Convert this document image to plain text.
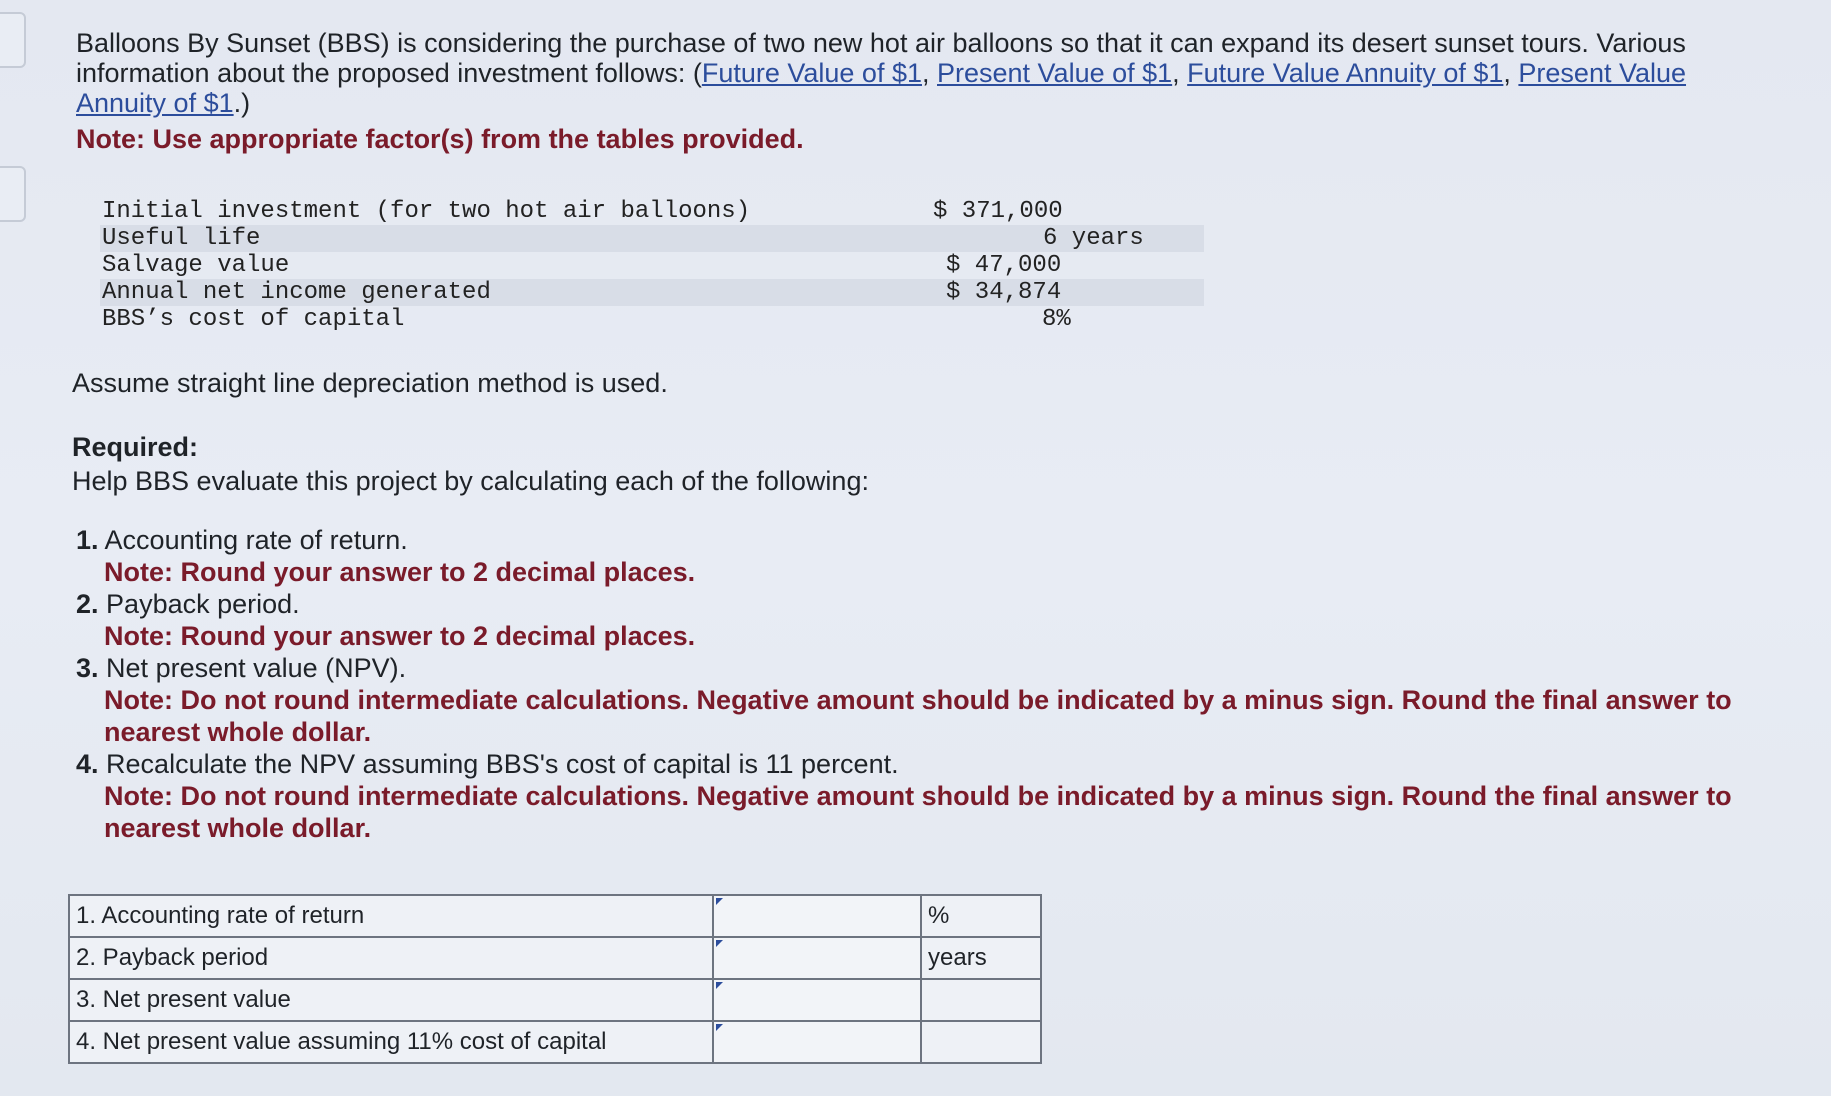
Balloons By Sunset (BBS) is considering the purchase of two new hot air balloons so that it can expand its desert sunset tours. Various information about the proposed investment follows: (Future Value of $1, Present Value of $1, Future Value Annuity of $1, Present Value Annuity of $1.)

Note: Use appropriate factor(s) from the tables provided.
Initial investment (for two hot air balloons)	$ 371,000
Useful life	6 years
Salvage value	$ 47,000
Annual net income generated	$ 34,874
BBS’s cost of capital	8%
Assume straight line depreciation method is used.
Required:
Help BBS evaluate this project by calculating each of the following:
1. Accounting rate of return.
Note: Round your answer to 2 decimal places.
2. Payback period.
Note: Round your answer to 2 decimal places.
3. Net present value (NPV).
Note: Do not round intermediate calculations. Negative amount should be indicated by a minus sign. Round the final answer to nearest whole dollar.
4. Recalculate the NPV assuming BBS's cost of capital is 11 percent.
Note: Do not round intermediate calculations. Negative amount should be indicated by a minus sign. Round the final answer to nearest whole dollar.
1. Accounting rate of return		%
2. Payback period		years
3. Net present value	

4. Net present value assuming 11% cost of capital	
